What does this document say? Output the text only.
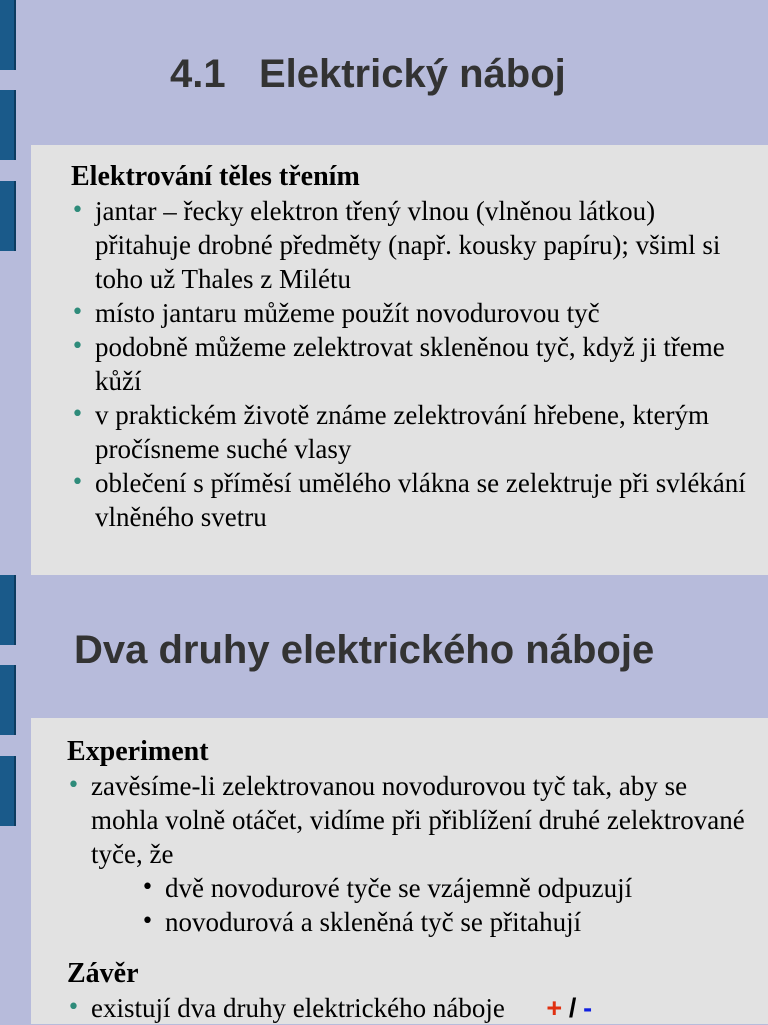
4.1   Elektrický náboj
Elektrování těles třením
• jantar – řecky elektron třený vlnou (vlněnou látkou) přitahuje drobné předměty (např. kousky papíru); všiml si toho už Thales z Milétu
• místo jantaru můžeme použít novodurovou tyč
• podobně můžeme zelektrovat skleněnou tyč, když ji třeme kůží
• v praktickém životě známe zelektrování hřebene, kterým pročísneme suché vlasy
• oblečení s příměsí umělého vlákna se zelektruje při svlékání vlněného svetru
Dva druhy elektrického náboje
Experiment
• zavěsíme-li zelektrovanou novodurovou tyč tak, aby se mohla volně otáčet, vidíme při přiblížení druhé zelektrované tyče, že
• dvě novodurové tyče se vzájemně odpuzují
• novodurová a skleněná tyč se přitahují
Závěr
• existují dva druhy elektrického náboje + / -
